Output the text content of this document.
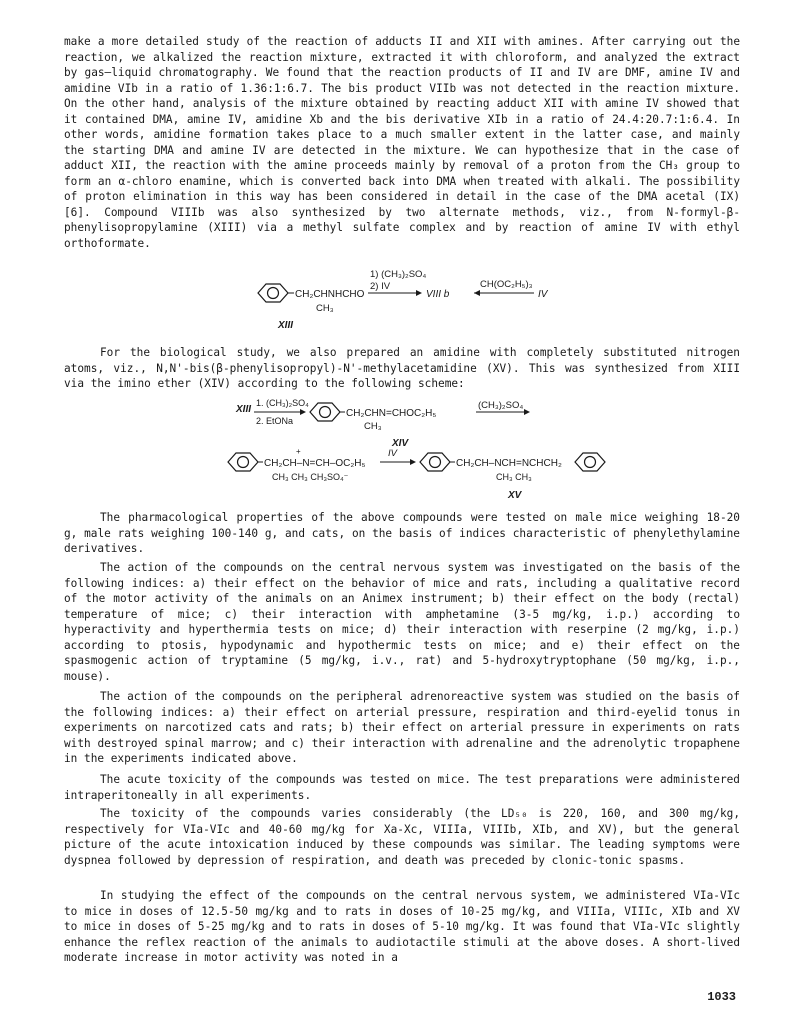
make a more detailed study of the reaction of adducts II and XII with amines. After carrying out the reaction, we alkalized the reaction mixture, extracted it with chloroform, and analyzed the extract by gas–liquid chromatography. We found that the reaction products of II and IV are DMF, amine IV and amidine VIb in a ratio of 1.36:1:6.7. The bis product VIIb was not detected in the reaction mixture. On the other hand, analysis of the mixture obtained by reacting adduct XII with amine IV showed that it contained DMA, amine IV, amidine Xb and the bis derivative XIb in a ratio of 24.4:20.7:1:6.4. In other words, amidine formation takes place to a much smaller extent in the latter case, and mainly the starting DMA and amine IV are detected in the mixture. We can hypothesize that in the case of adduct XII, the reaction with the amine proceeds mainly by removal of a proton from the CH₃ group to form an α-chloro enamine, which is converted back into DMA when treated with alkali. The possibility of proton elimination in this way has been considered in detail in the case of the DMA acetal (IX) [6]. Compound VIIIb was also synthesized by two alternate methods, viz., from N-formyl-β-phenylisopropylamine (XIII) via a methyl sulfate complex and by reaction of amine IV with ethyl orthoformate.
CH₂CHNHCHO
CH₃
XIII
1) (CH₃)₂SO₄
2) IV
VIII b
CH(OC₂H₅)₃
IV
For the biological study, we also prepared an amidine with completely substituted nitrogen atoms, viz., N,N'-bis(β-phenylisopropyl)-N'-methylacetamidine (XV). This was synthesized from XIII via the imino ether (XIV) according to the following scheme:
XIII
1. (CH₃)₂SO₄
2. EtONa
CH₂CHN=CHOC₂H₅
CH₃
XIV
(CH₃)₂SO₄
CH₂CH–N=CH–OC₂H₅
+
CH₃ CH₃ CH₃SO₄⁻
IV
CH₂CH–NCH=NCHCH₂
CH₃ CH₃
XV
The pharmacological properties of the above compounds were tested on male mice weighing 18-20 g, male rats weighing 100-140 g, and cats, on the basis of indices characteristic of phenylethylamine derivatives.
The action of the compounds on the central nervous system was investigated on the basis of the following indices: a) their effect on the behavior of mice and rats, including a qualitative record of the motor activity of the animals on an Animex instrument; b) their effect on the body (rectal) temperature of mice; c) their interaction with amphetamine (3-5 mg/kg, i.p.) according to hyperactivity and hyperthermia tests on mice; d) their interaction with reserpine (2 mg/kg, i.p.) according to ptosis, hypodynamic and hypothermic tests on mice; and e) their effect on the spasmogenic action of tryptamine (5 mg/kg, i.v., rat) and 5-hydroxytryptophane (50 mg/kg, i.p., mouse).
The action of the compounds on the peripheral adrenoreactive system was studied on the basis of the following indices: a) their effect on arterial pressure, respiration and third-eyelid tonus in experiments on narcotized cats and rats; b) their effect on arterial pressure in experiments on rats with destroyed spinal marrow; and c) their interaction with adrenaline and the adrenolytic tropaphene in the experiments indicated above.
The acute toxicity of the compounds was tested on mice. The test preparations were administered intraperitoneally in all experiments.
The toxicity of the compounds varies considerably (the LD₅₀ is 220, 160, and 300 mg/kg, respectively for VIa-VIc and 40-60 mg/kg for Xa-Xc, VIIIa, VIIIb, XIb, and XV), but the general picture of the acute intoxication induced by these compounds was similar. The leading symptoms were dyspnea followed by depression of respiration, and death was preceded by clonic-tonic spasms.
In studying the effect of the compounds on the central nervous system, we administered VIa-VIc to mice in doses of 12.5-50 mg/kg and to rats in doses of 10-25 mg/kg, and VIIIa, VIIIc, XIb and XV to mice in doses of 5-25 mg/kg and to rats in doses of 5-10 mg/kg. It was found that VIa-VIc slightly enhance the reflex reaction of the animals to audiotactile stimuli at the above doses. A short-lived moderate increase in motor activity was noted in a
1033
